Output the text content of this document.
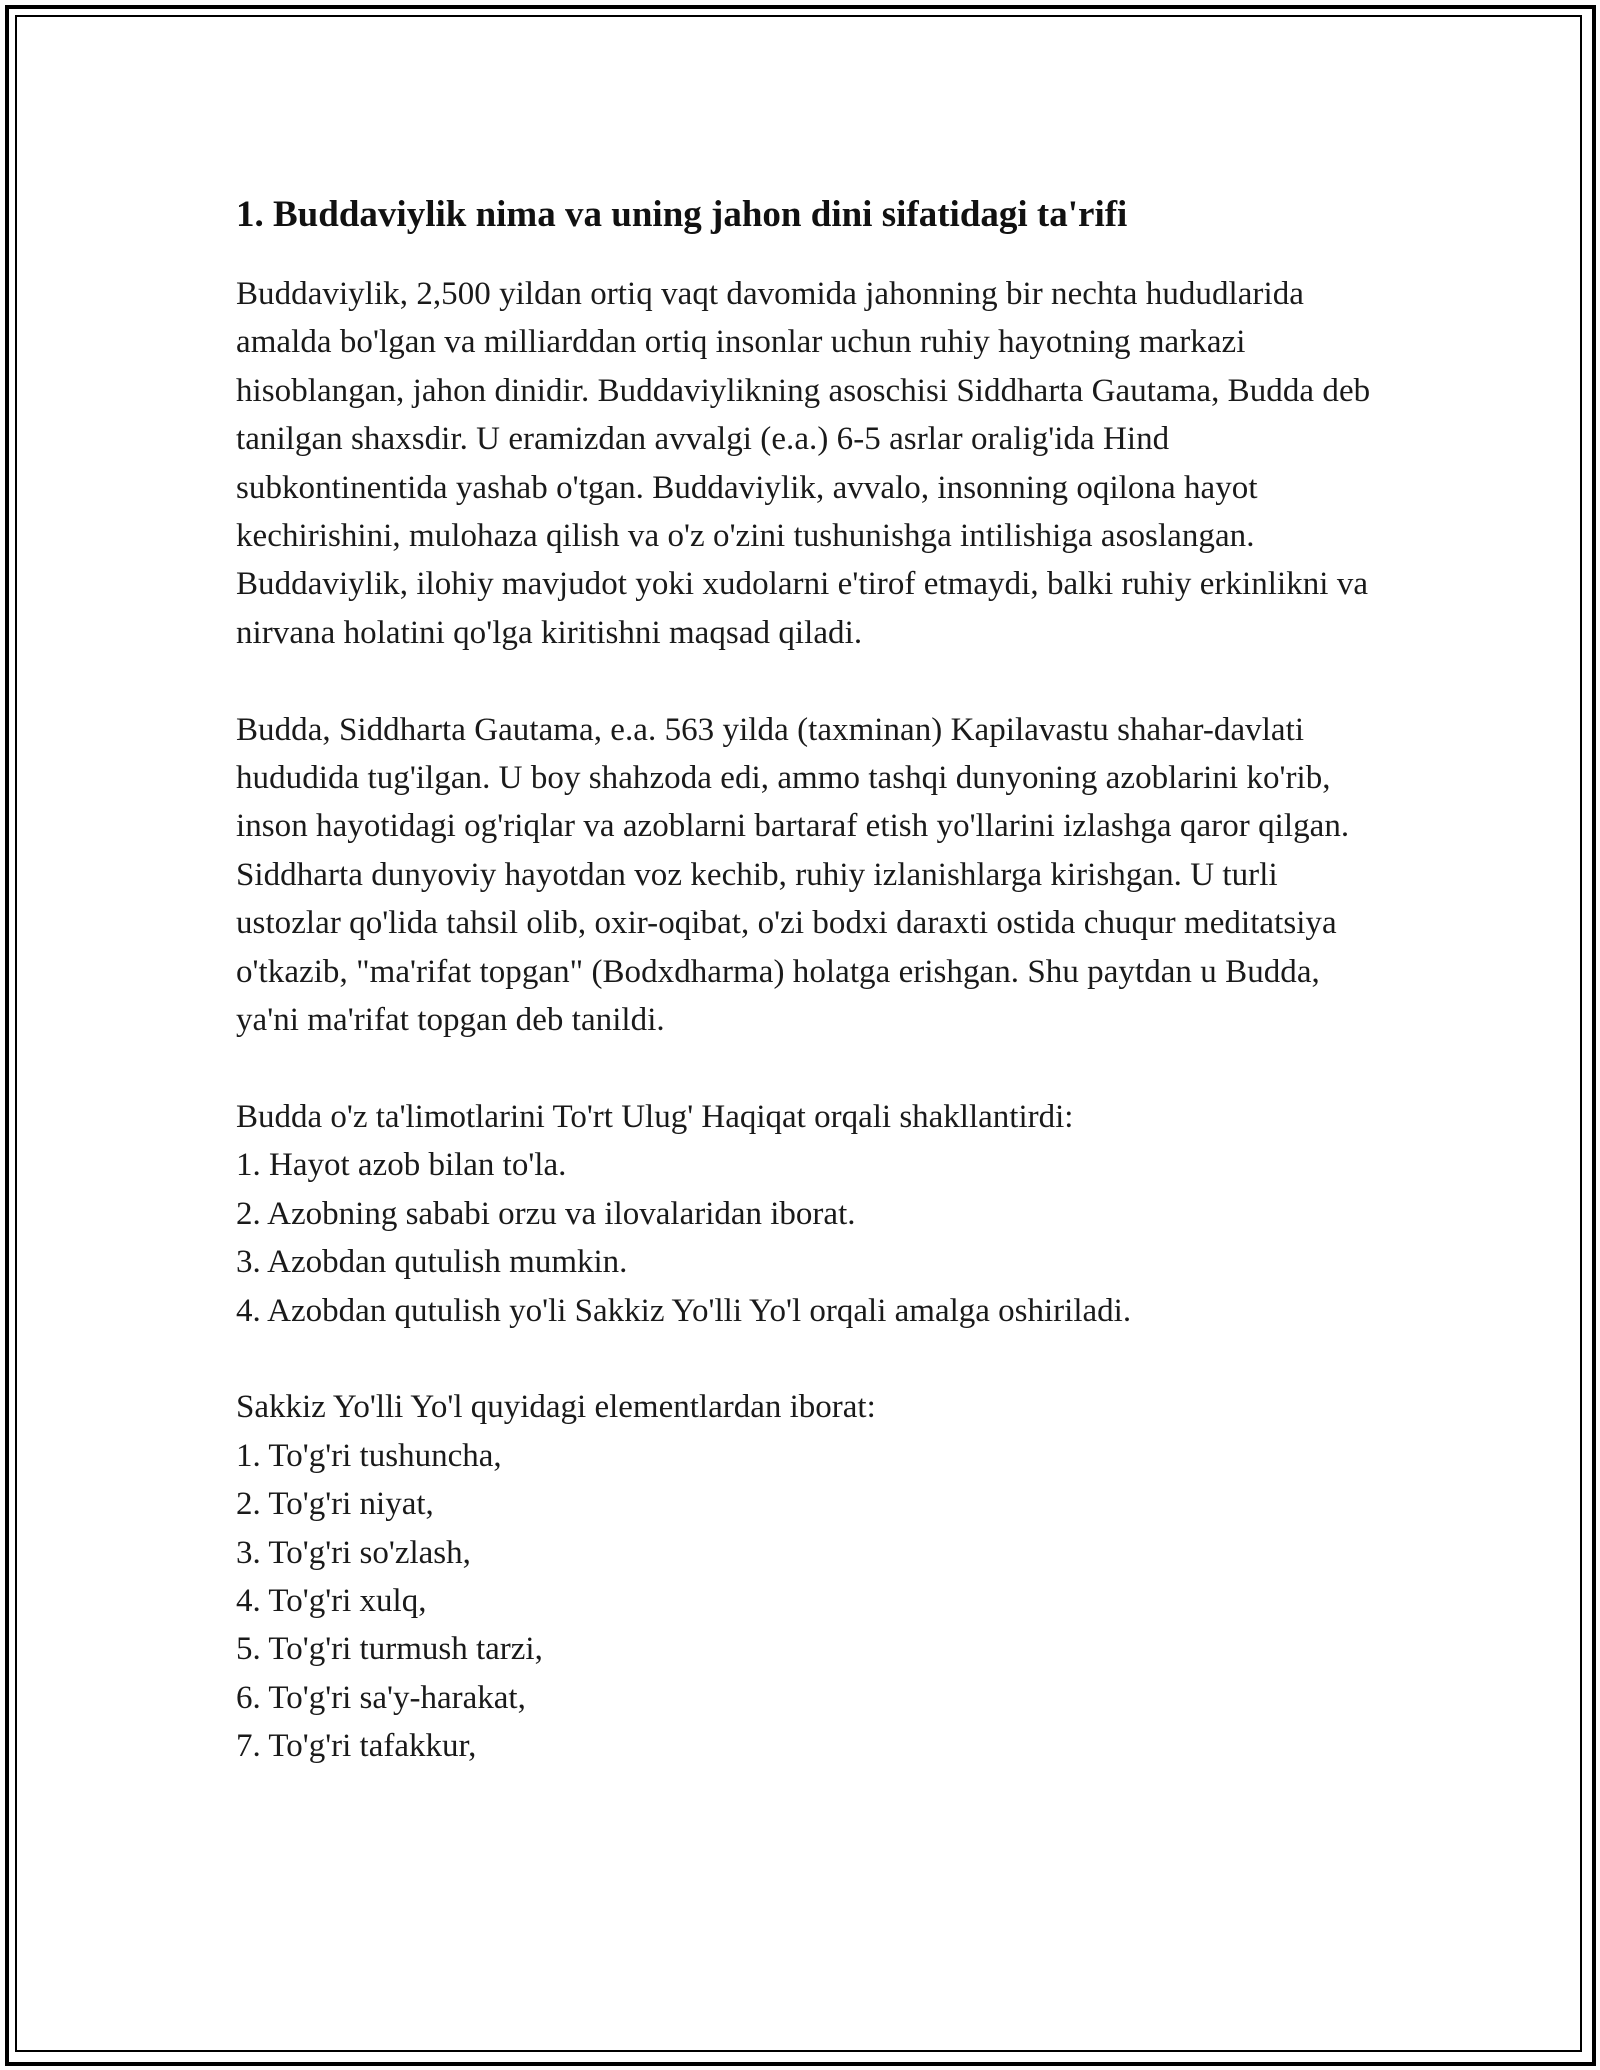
1. Buddaviylik nima va uning jahon dini sifatidagi ta'rifi

Buddaviylik, 2,500 yildan ortiq vaqt davomida jahonning bir nechta hududlarida amalda bo'lgan va milliarddan ortiq insonlar uchun ruhiy hayotning markazi hisoblangan, jahon dinidir. Buddaviylikning asoschisi Siddharta Gautama, Budda deb tanilgan shaxsdir. U eramizdan avvalgi (e.a.) 6-5 asrlar oralig'ida Hind subkontinentida yashab o'tgan. Buddaviylik, avvalo, insonning oqilona hayot kechirishini, mulohaza qilish va o'z o'zini tushunishga intilishiga asoslangan. Buddaviylik, ilohiy mavjudot yoki xudolarni e'tirof etmaydi, balki ruhiy erkinlikni va nirvana holatini qo'lga kiritishni maqsad qiladi.

Budda, Siddharta Gautama, e.a. 563 yilda (taxminan) Kapilavastu shahar-davlati hududida tug'ilgan. U boy shahzoda edi, ammo tashqi dunyoning azoblarini ko'rib, inson hayotidagi og'riqlar va azoblarni bartaraf etish yo'llarini izlashga qaror qilgan. Siddharta dunyoviy hayotdan voz kechib, ruhiy izlanishlarga kirishgan. U turli ustozlar qo'lida tahsil olib, oxir-oqibat, o'zi bodxi daraxti ostida chuqur meditatsiya o'tkazib, "ma'rifat topgan" (Bodxdharma) holatga erishgan. Shu paytdan u Budda, ya'ni ma'rifat topgan deb tanildi.

Budda o'z ta'limotlarini To'rt Ulug' Haqiqat orqali shakllantirdi:
1. Hayot azob bilan to'la.
2. Azobning sababi orzu va ilovalaridan iborat.
3. Azobdan qutulish mumkin.
4. Azobdan qutulish yo'li Sakkiz Yo'lli Yo'l orqali amalga oshiriladi.
Sakkiz Yo'lli Yo'l quyidagi elementlardan iborat:
1. To'g'ri tushuncha,
2. To'g'ri niyat,
3. To'g'ri so'zlash,
4. To'g'ri xulq,
5. To'g'ri turmush tarzi,
6. To'g'ri sa'y-harakat,
7. To'g'ri tafakkur,
